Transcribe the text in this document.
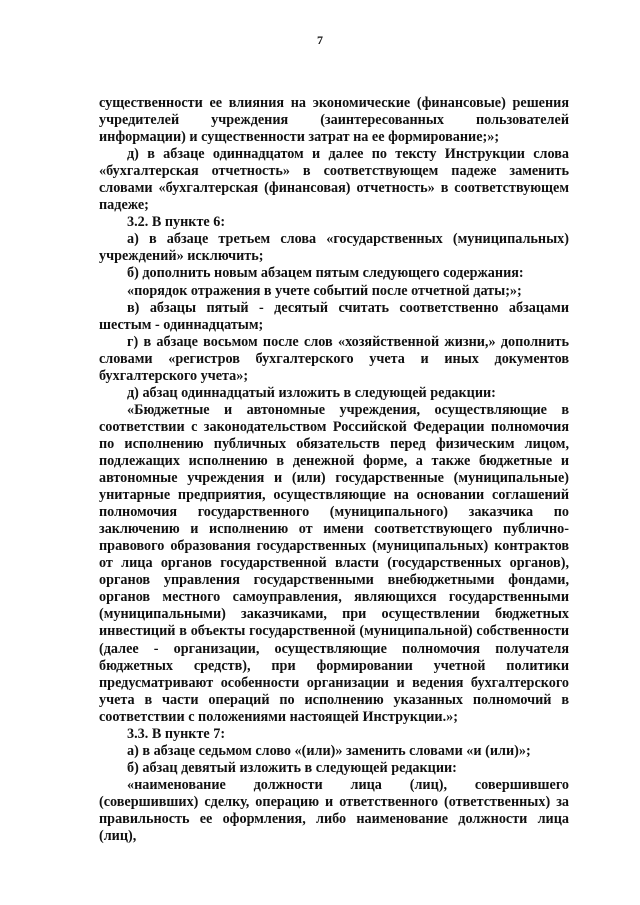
7
существенности ее влияния на экономические (финансовые) решения
учредителей учреждения (заинтересованных пользователей
информации) и существенности затрат на ее формирование;»;
д) в абзаце одиннадцатом и далее по тексту Инструкции слова
«бухгалтерская отчетность» в соответствующем падеже заменить
словами «бухгалтерская (финансовая) отчетность» в соответствующем
падеже;
3.2. В пункте 6:
а) в абзаце третьем слова «государственных (муниципальных)
учреждений» исключить;
б) дополнить новым абзацем пятым следующего содержания:
«порядок отражения в учете событий после отчетной даты;»;
в) абзацы пятый - десятый считать соответственно абзацами
шестым - одиннадцатым;
г) в абзаце восьмом после слов «хозяйственной жизни,» дополнить
словами «регистров бухгалтерского учета и иных документов
бухгалтерского учета»;
д) абзац одиннадцатый изложить в следующей редакции:
«Бюджетные и автономные учреждения, осуществляющие в
соответствии с законодательством Российской Федерации полномочия
по исполнению публичных обязательств перед физическим лицом,
подлежащих исполнению в денежной форме, а также бюджетные и
автономные учреждения и (или) государственные (муниципальные)
унитарные предприятия, осуществляющие на основании соглашений
полномочия государственного (муниципального) заказчика по
заключению и исполнению от имени соответствующего публично-
правового образования государственных (муниципальных) контрактов
от лица органов государственной власти (государственных органов),
органов управления государственными внебюджетными фондами,
органов местного самоуправления, являющихся государственными
(муниципальными) заказчиками, при осуществлении бюджетных
инвестиций в объекты государственной (муниципальной) собственности
(далее - организации, осуществляющие полномочия получателя
бюджетных средств), при формировании учетной политики
предусматривают особенности организации и ведения бухгалтерского
учета в части операций по исполнению указанных полномочий в
соответствии с положениями настоящей Инструкции.»;
3.3. В пункте 7:
а) в абзаце седьмом слово «(или)» заменить словами «и (или)»;
б) абзац девятый изложить в следующей редакции:
«наименование должности лица (лиц), совершившего
(совершивших) сделку, операцию и ответственного (ответственных) за
правильность ее оформления, либо наименование должности лица (лиц),
